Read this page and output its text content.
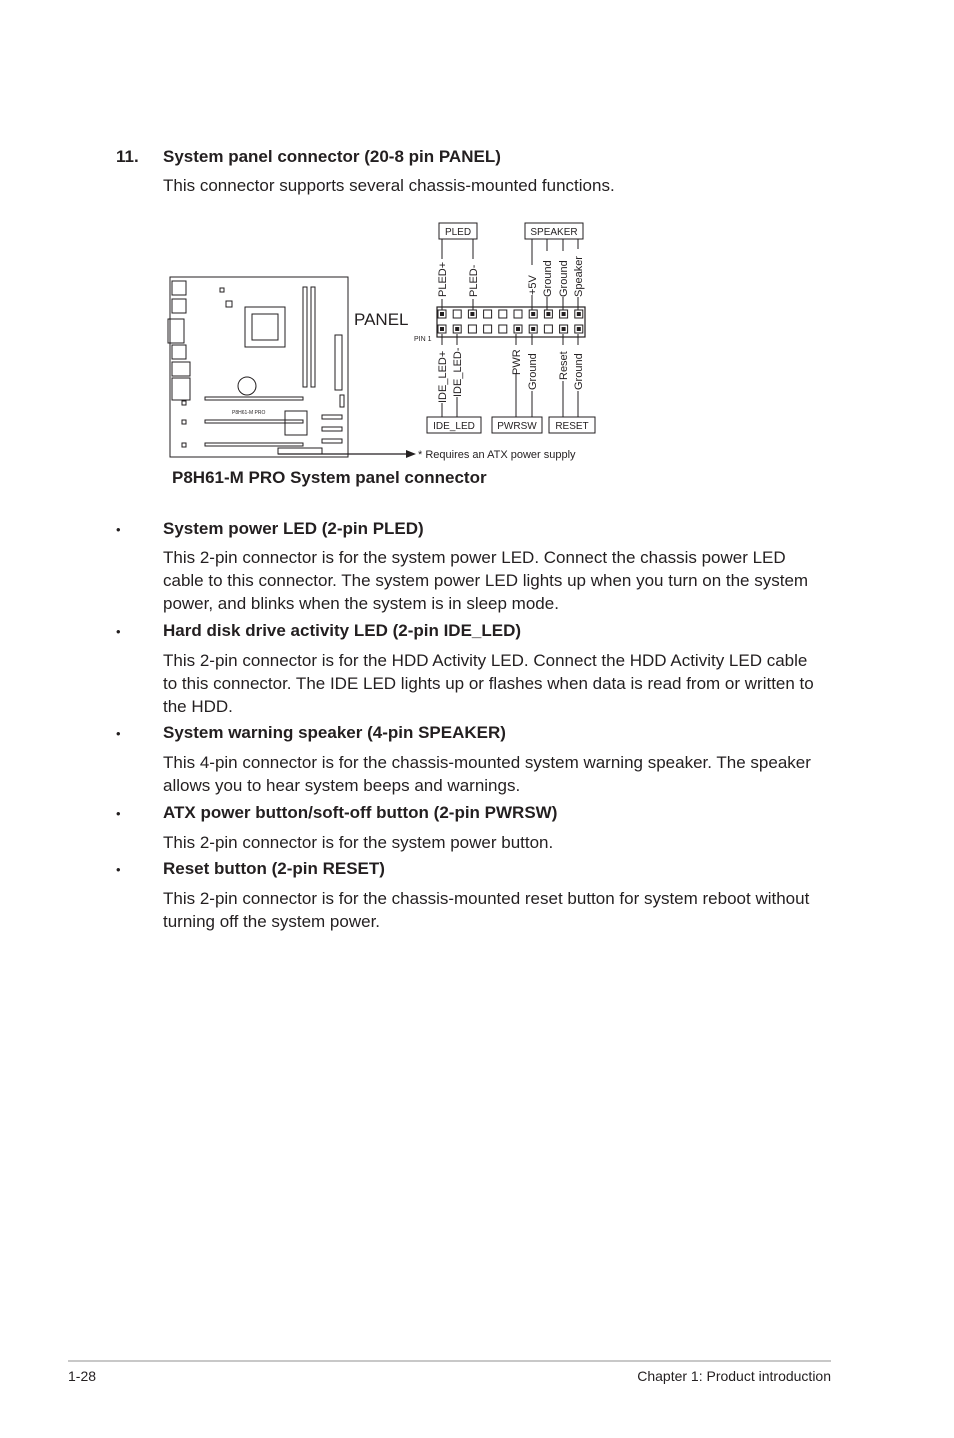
11. System panel connector (20-8 pin PANEL)
This connector supports several chassis-mounted functions.
P8H61-M PRO
PLED	SPEAKER
IDE_LED PWRSW RESET
PANEL
PIN 1
PLED+ PLED-	+5V Ground Ground Speaker
IDE_LED+ IDE_LED-	PWR Ground Reset Ground
* Requires an ATX power supply
P8H61-M PRO System panel connector
• System power LED (2-pin PLED)
This 2-pin connector is for the system power LED. Connect the chassis power LED
cable to this connector. The system power LED lights up when you turn on the system
power, and blinks when the system is in sleep mode.
• Hard disk drive activity LED (2-pin IDE_LED)
This 2-pin connector is for the HDD Activity LED. Connect the HDD Activity LED cable
to this connector. The IDE LED lights up or flashes when data is read from or written to
the HDD.
• System warning speaker (4-pin SPEAKER)
This 4-pin connector is for the chassis-mounted system warning speaker. The speaker
allows you to hear system beeps and warnings.
• ATX power button/soft-off button (2-pin PWRSW)
This 2-pin connector is for the system power button.
• Reset button (2-pin RESET)
This 2-pin connector is for the chassis-mounted reset button for system reboot without
turning off the system power.
1-28	Chapter 1: Product introduction
